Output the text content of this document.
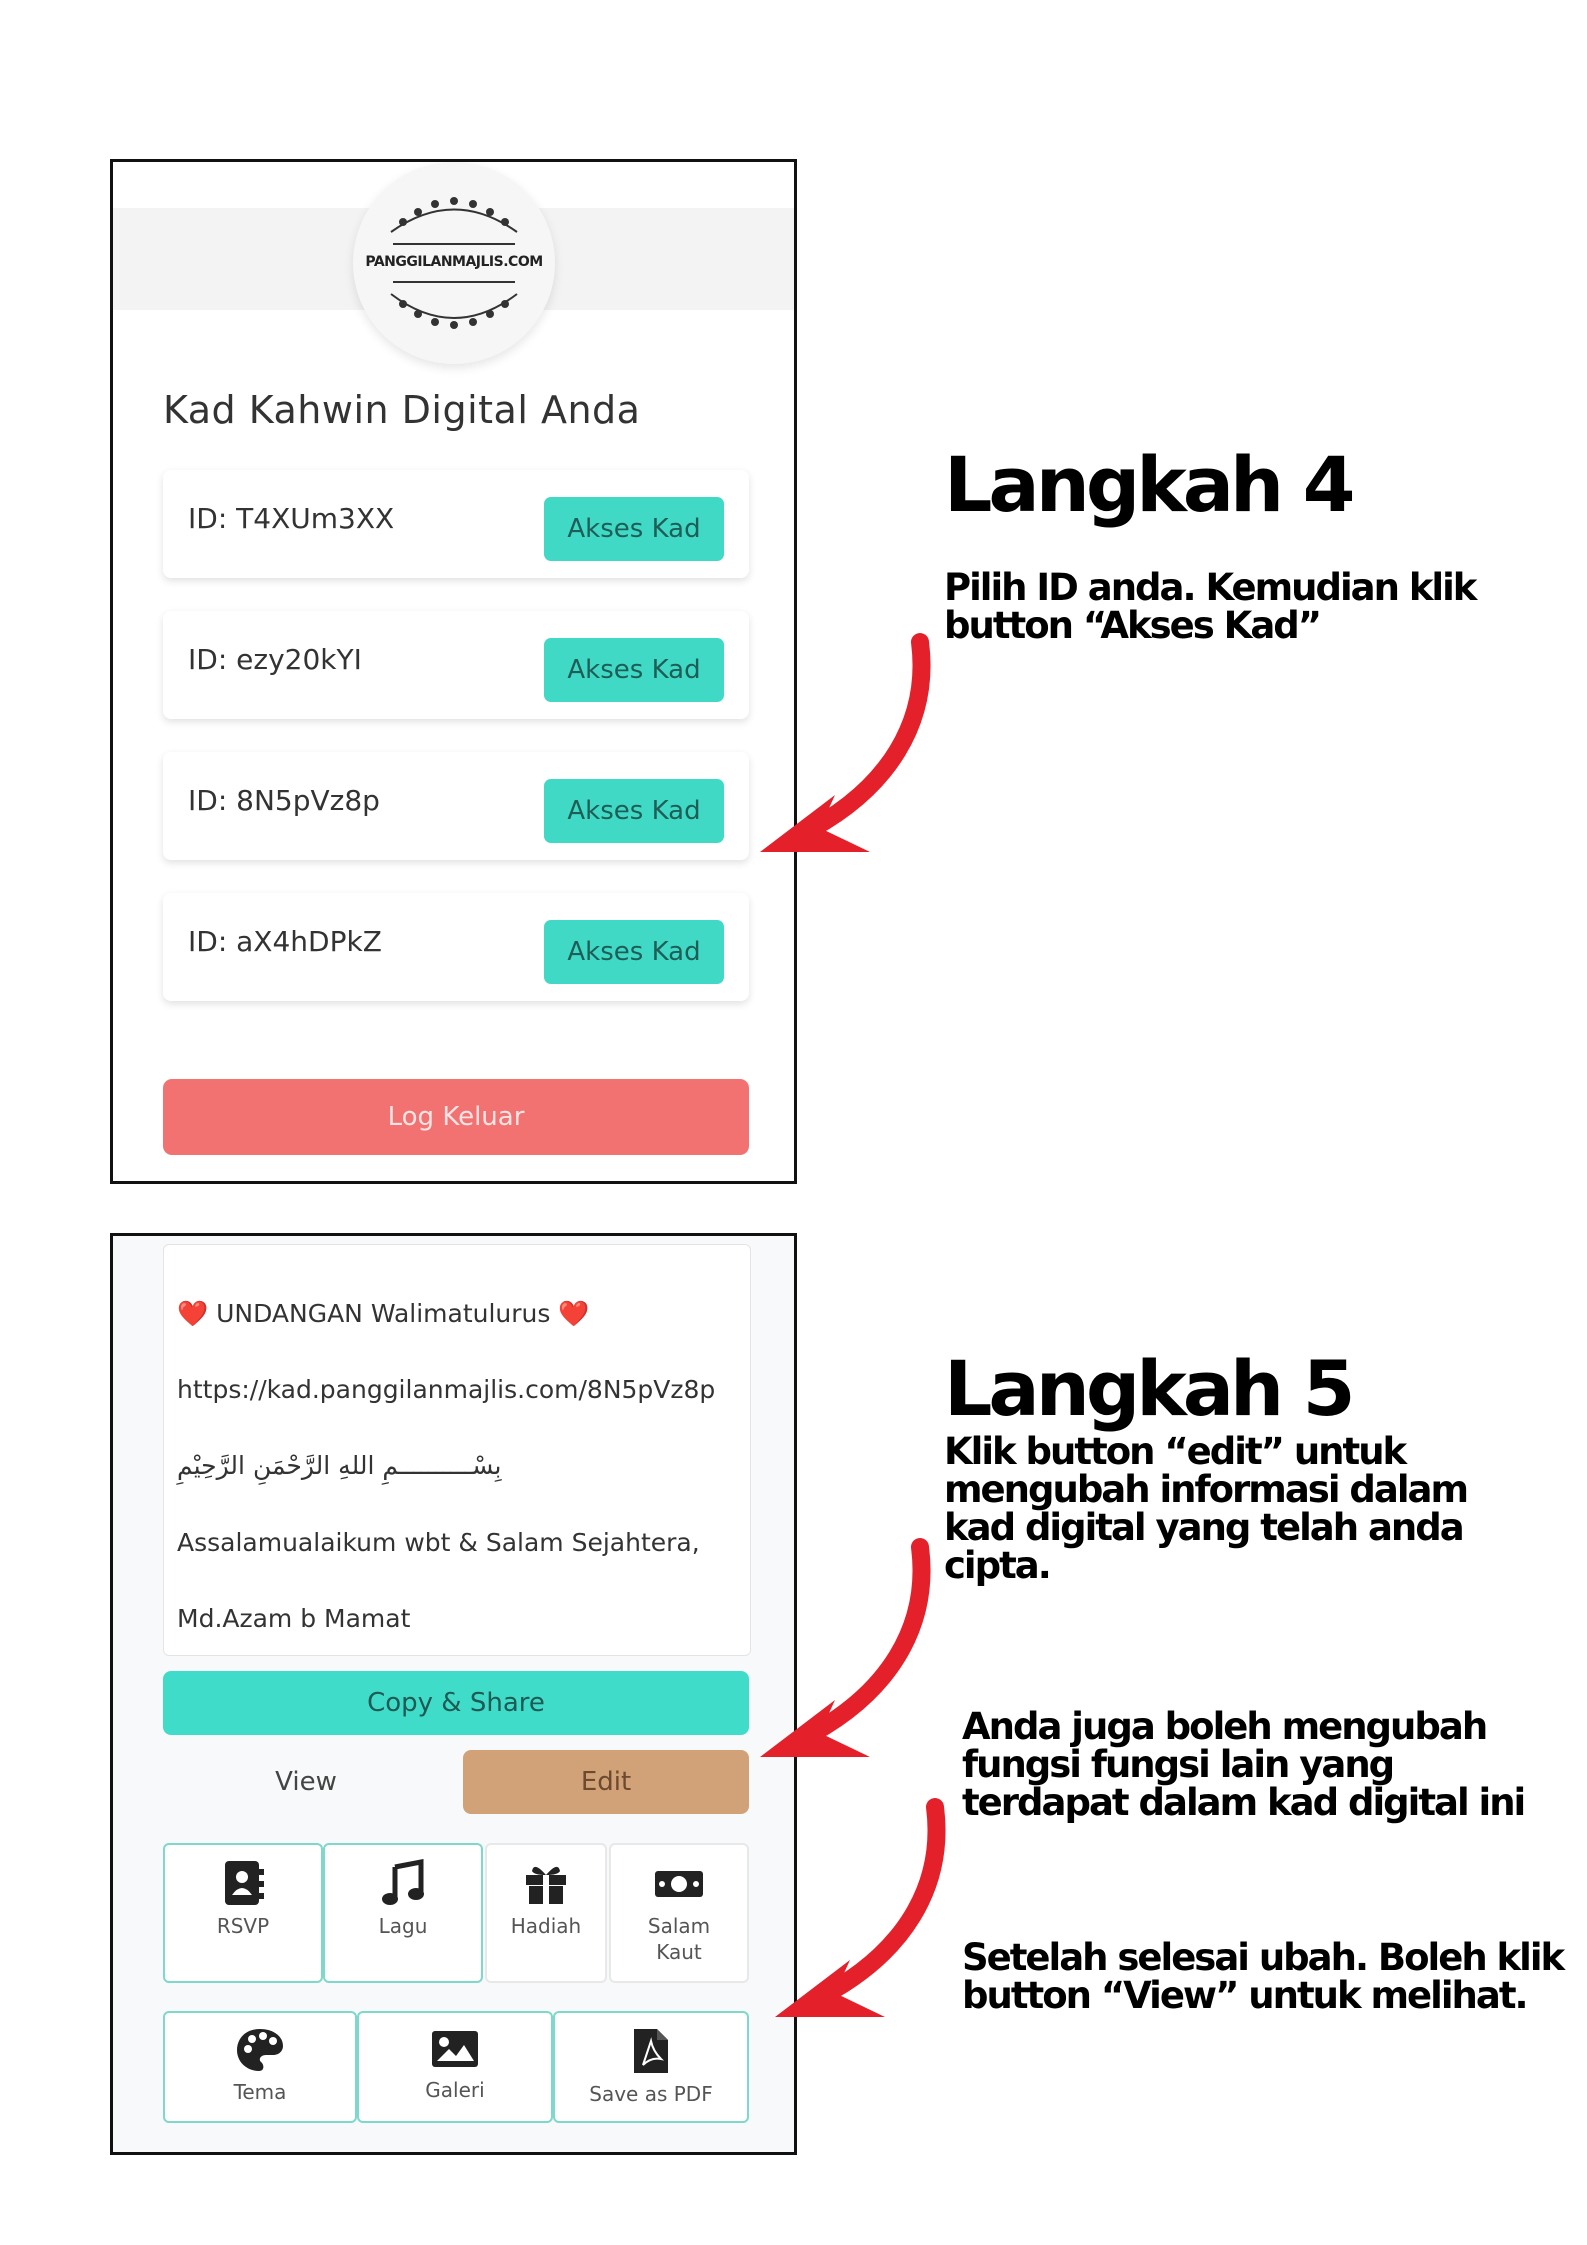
PANGGILANMAJLIS.COM
Kad Kahwin Digital Anda
ID: T4XUm3XX	Akses Kad
ID: ezy20kYI	Akses Kad
ID: 8N5pVz8p	Akses Kad
ID: aX4hDPkZ	Akses Kad
Log Keluar
❤️ UNDANGAN Walimatulurus ❤️
https://kad.panggilanmajlis.com/8N5pVz8p
بِسْــــــــــمِ اللهِ الرَّحْمَنِ الرَّحِيْمِ
Assalamualaikum wbt & Salam Sejahtera,
Md.Azam b Mamat
Copy & Share
View	Edit
RSVP	Lagu	Hadiah	Salam
Kaut
Tema	Galeri	Save as PDF
Langkah 4

Pilih ID anda. Kemudian klik button “Akses Kad”

Langkah 5

Klik button “edit” untuk mengubah informasi dalam kad digital yang telah anda cipta.

Anda juga boleh mengubah fungsi fungsi lain yang terdapat dalam kad digital ini

Setelah selesai ubah. Boleh klik button “View” untuk melihat.
